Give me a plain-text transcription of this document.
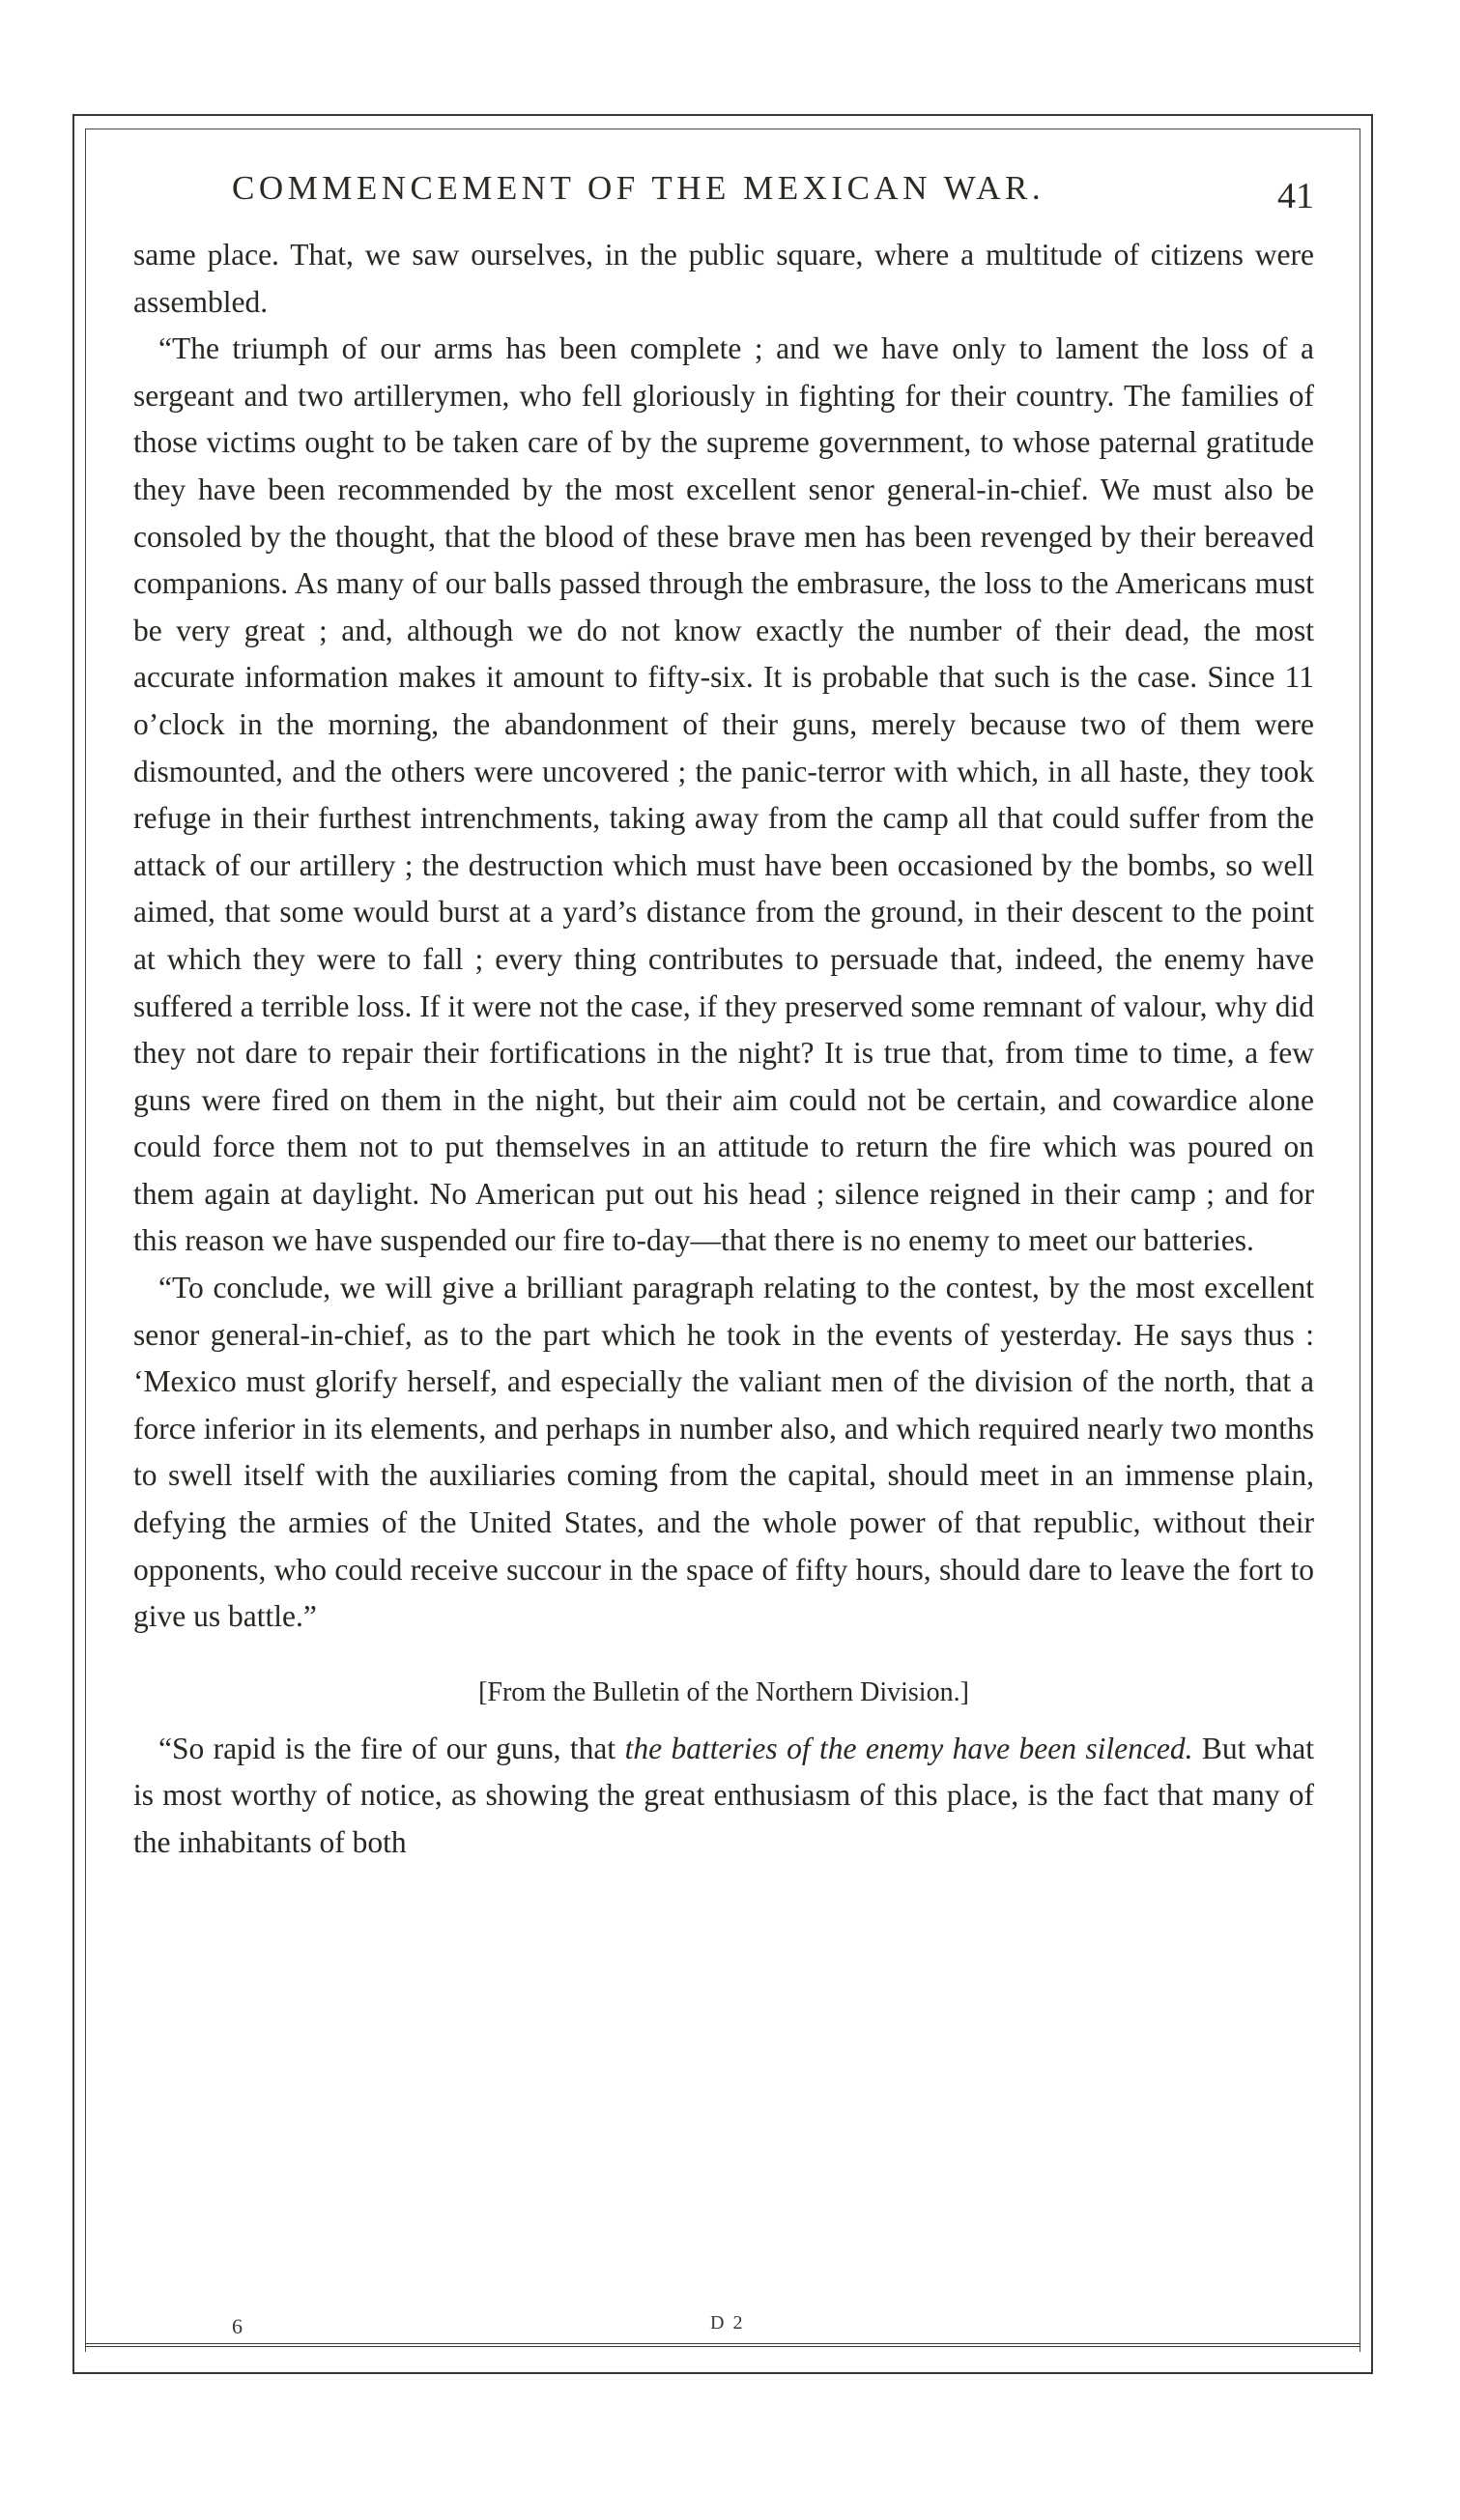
COMMENCEMENT OF THE MEXICAN WAR.	41

same place. That, we saw ourselves, in the public square, where a multitude of citizens were assembled.

“The triumph of our arms has been complete ; and we have only to lament the loss of a sergeant and two artillerymen, who fell gloriously in fighting for their country. The families of those victims ought to be taken care of by the supreme government, to whose paternal gratitude they have been recommended by the most excellent senor general-in-chief. We must also be consoled by the thought, that the blood of these brave men has been revenged by their bereaved companions. As many of our balls passed through the embrasure, the loss to the Americans must be very great ; and, although we do not know exactly the number of their dead, the most accurate information makes it amount to fifty-six. It is probable that such is the case. Since 11 o’clock in the morning, the abandonment of their guns, merely because two of them were dismounted, and the others were uncovered ; the panic-terror with which, in all haste, they took refuge in their furthest intrenchments, taking away from the camp all that could suffer from the attack of our artillery ; the destruction which must have been occasioned by the bombs, so well aimed, that some would burst at a yard’s distance from the ground, in their descent to the point at which they were to fall ; every thing contributes to persuade that, indeed, the enemy have suffered a terrible loss. If it were not the case, if they preserved some remnant of valour, why did they not dare to repair their fortifications in the night? It is true that, from time to time, a few guns were fired on them in the night, but their aim could not be certain, and cowardice alone could force them not to put themselves in an attitude to return the fire which was poured on them again at daylight. No American put out his head ; silence reigned in their camp ; and for this reason we have suspended our fire to-day—that there is no enemy to meet our batteries.

“To conclude, we will give a brilliant paragraph relating to the contest, by the most excellent senor general-in-chief, as to the part which he took in the events of yesterday. He says thus : ‘Mexico must glorify herself, and especially the valiant men of the division of the north, that a force inferior in its elements, and perhaps in number also, and which required nearly two months to swell itself with the auxiliaries coming from the capital, should meet in an immense plain, defying the armies of the United States, and the whole power of that republic, without their opponents, who could receive succour in the space of fifty hours, should dare to leave the fort to give us battle.”

[From the Bulletin of the Northern Division.]

“So rapid is the fire of our guns, that the batteries of the enemy have been silenced. But what is most worthy of notice, as showing the great enthusiasm of this place, is the fact that many of the inhabitants of both

6	D 2
